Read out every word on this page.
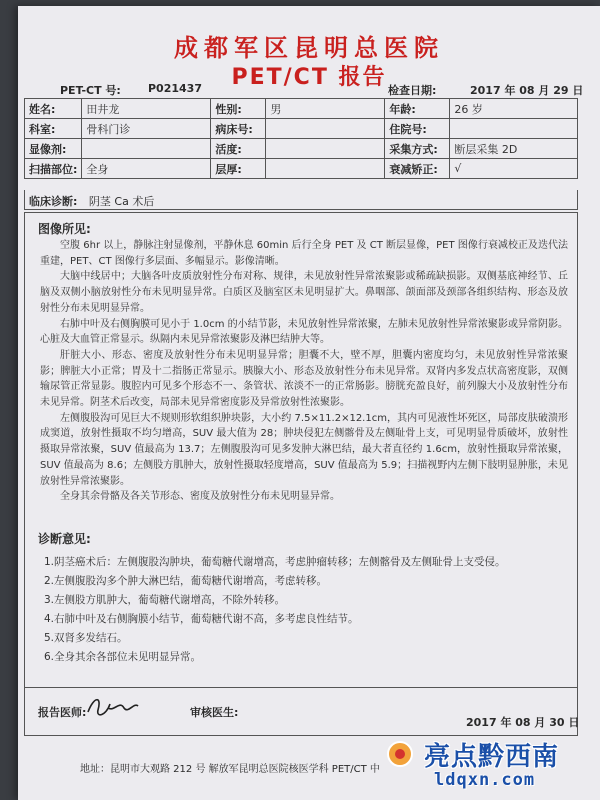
成都军区昆明总医院
PET/CT 报告
PET-CT 号: P021437	检查日期:	2017 年 08 月 29 日
姓名:	田井龙	性别:	男	年龄:	26 岁
科室:	骨科门诊	病床号:		住院号:	
显像剂:		活度:		采集方式:	断层采集 2D
扫描部位:	全身	层厚:		衰减矫正:	√
临床诊断: 阴茎 Ca 术后
图像所见:

空腹 6hr 以上，静脉注射显像剂，平静休息 60min 后行全身 PET 及 CT 断层显像，PET 图像行衰减校正及迭代法重建，PET、CT 图像行多层面、多幅显示。影像清晰。

大脑中线居中；大脑各叶皮质放射性分布对称、规律，未见放射性异常浓聚影或稀疏缺损影。双侧基底神经节、丘脑及双侧小脑放射性分布未见明显异常。白质区及脑室区未见明显扩大。鼻咽部、颌面部及颈部各组织结构、形态及放射性分布未见明显异常。

右肺中叶及右侧胸膜可见小于 1.0cm 的小结节影，未见放射性异常浓聚，左肺未见放射性异常浓聚影或异常阴影。心脏及大血管正常显示。纵隔内未见异常浓聚影及淋巴结肿大等。

肝脏大小、形态、密度及放射性分布未见明显异常；胆囊不大，壁不厚，胆囊内密度均匀，未见放射性异常浓聚影；脾脏大小正常；胃及十二指肠正常显示。胰腺大小、形态及放射性分布未见异常。双肾内多发点状高密度影，双侧输尿管正常显影。腹腔内可见多个形态不一、条管状、浓淡不一的正常肠影。膀胱充盈良好，前列腺大小及放射性分布未见异常。阴茎术后改变，局部未见异常密度影及异常放射性浓聚影。

左侧腹股沟可见巨大不规则形软组织肿块影，大小约 7.5×11.2×12.1cm，其内可见液性坏死区，局部皮肤破溃形成窦道，放射性摄取不均匀增高，SUV 最大值为 28；肿块侵犯左侧髂骨及左侧耻骨上支，可见明显骨质破坏，放射性摄取异常浓聚，SUV 值最高为 13.7；左侧腹股沟可见多发肿大淋巴结，最大者直径约 1.6cm，放射性摄取异常浓聚，SUV 值最高为 8.6；左侧股方肌肿大，放射性摄取轻度增高，SUV 值最高为 5.9；扫描视野内左侧下肢明显肿胀，未见放射性异常浓聚影。

全身其余骨骼及各关节形态、密度及放射性分布未见明显异常。

诊断意见:
1.阴茎癌术后：左侧腹股沟肿块，葡萄糖代谢增高，考虑肿瘤转移；左侧髂骨及左侧耻骨上支受侵。
2.左侧腹股沟多个肿大淋巴结，葡萄糖代谢增高，考虑转移。
3.左侧股方肌肿大，葡萄糖代谢增高，不除外转移。
4.右肺中叶及右侧胸膜小结节，葡萄糖代谢不高，多考虑良性结节。
5.双肾多发结石。
6.全身其余各部位未见明显异常。
报告医师:	审核医生:
2017 年 08 月 30 日
地址：昆明市大观路 212 号 解放军昆明总医院核医学科 PET/CT 中 亮点黔西南
ldqxn.com
